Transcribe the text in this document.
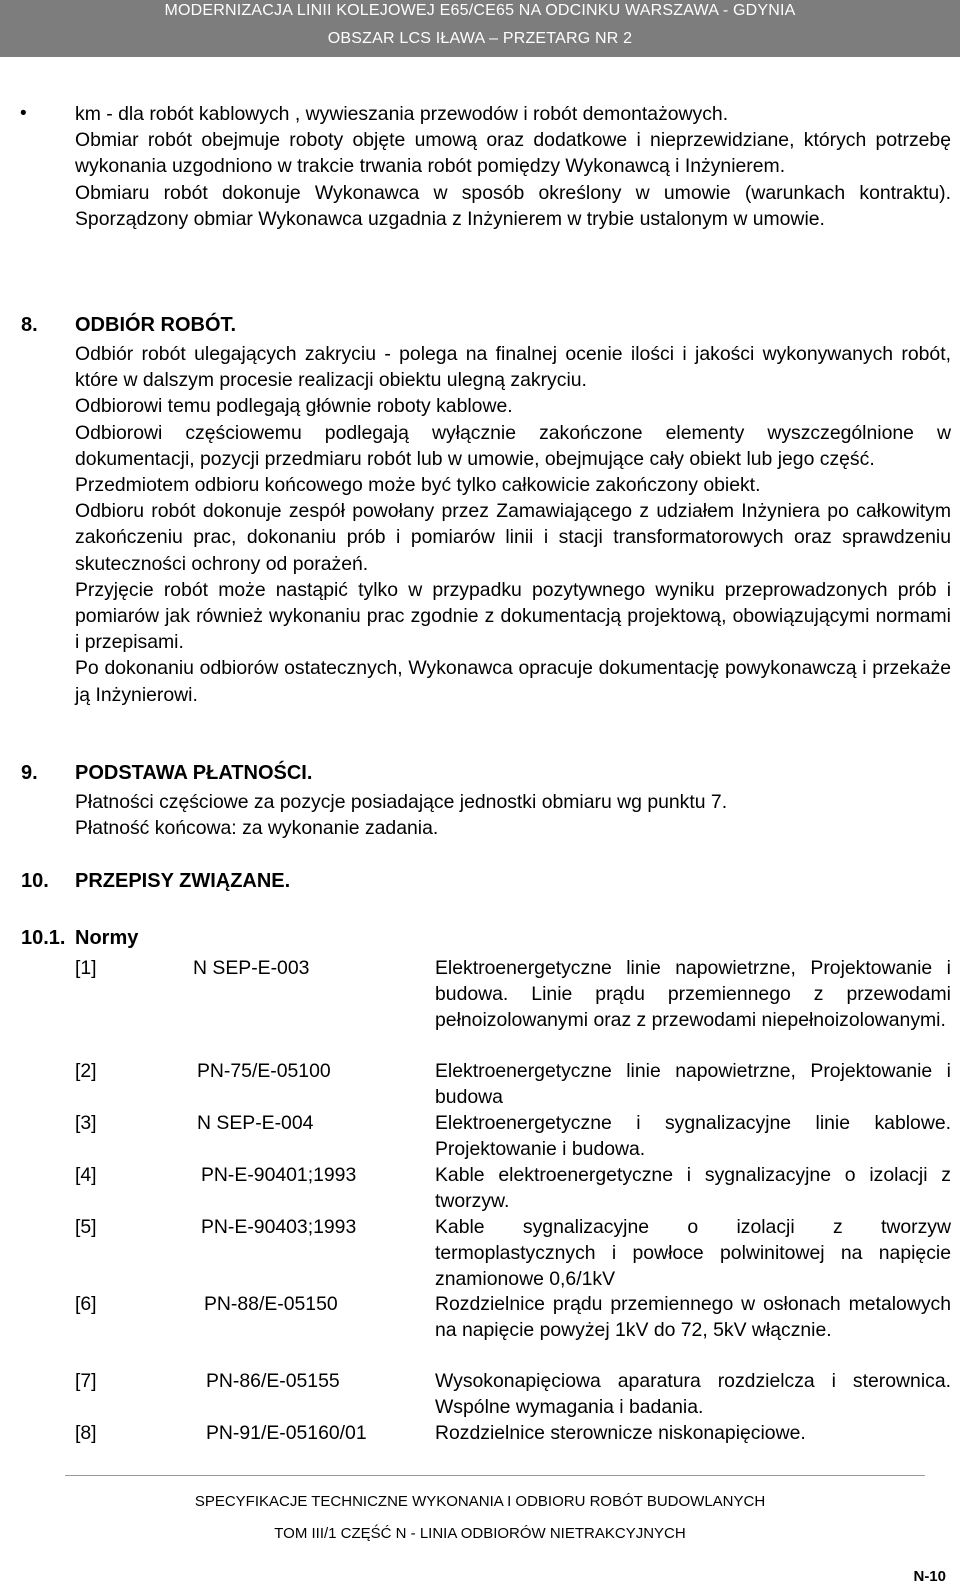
MODERNIZACJA LINII KOLEJOWEJ E65/CE65 NA ODCINKU WARSZAWA - GDYNIA
OBSZAR LCS IŁAWA – PRZETARG NR 2
• km - dla robót kablowych , wywieszania przewodów i robót demontażowych.

Obmiar robót obejmuje roboty objęte umową oraz dodatkowe i nieprzewidziane, których potrzebę wykonania uzgodniono w trakcie trwania robót pomiędzy Wykonawcą i Inżynierem.

Obmiaru robót dokonuje Wykonawca w sposób określony w umowie (warunkach kontraktu). Sporządzony obmiar Wykonawca uzgadnia z Inżynierem w trybie ustalonym w umowie.

8. ODBIÓR ROBÓT.

Odbiór robót ulegających zakryciu - polega na finalnej ocenie ilości i jakości wykonywanych robót, które w dalszym procesie realizacji obiektu ulegną zakryciu.

Odbiorowi temu podlegają głównie roboty kablowe.

Odbiorowi częściowemu podlegają wyłącznie zakończone elementy wyszczególnione w dokumentacji, pozycji przedmiaru robót lub w umowie, obejmujące cały obiekt lub jego część.

Przedmiotem odbioru końcowego może być tylko całkowicie zakończony obiekt.

Odbioru robót dokonuje zespół powołany przez Zamawiającego z udziałem Inżyniera po całkowitym zakończeniu prac, dokonaniu prób i pomiarów linii i stacji transformatorowych oraz sprawdzeniu skuteczności ochrony od porażeń.

Przyjęcie robót może nastąpić tylko w przypadku pozytywnego wyniku przeprowadzonych prób i pomiarów jak również wykonaniu prac zgodnie z dokumentacją projektową, obowiązującymi normami i przepisami.

Po dokonaniu odbiorów ostatecznych, Wykonawca opracuje dokumentację powykonawczą i przekaże ją Inżynierowi.

9. PODSTAWA PŁATNOŚCI.

Płatności częściowe za pozycje posiadające jednostki obmiaru wg punktu 7.

Płatność końcowa: za wykonanie zadania.

10. PRZEPISY ZWIĄZANE.
10.1. Normy
[1]	N SEP-E-003	Elektroenergetyczne linie napowietrzne, Projektowanie i budowa. Linie prądu przemiennego z przewodami pełnoizolowanymi oraz z przewodami niepełnoizolowanymi.
[2]	PN-75/E-05100	Elektroenergetyczne linie napowietrzne, Projektowanie i budowa
[3]	N SEP-E-004	Elektroenergetyczne i sygnalizacyjne linie kablowe. Projektowanie i budowa.
[4]	PN-E-90401;1993	Kable elektroenergetyczne i sygnalizacyjne o izolacji z tworzyw.
[5]	PN-E-90403;1993	Kable sygnalizacyjne o izolacji z tworzyw termoplastycznych i powłoce polwinitowej na napięcie znamionowe 0,6/1kV
[6]	PN-88/E-05150	Rozdzielnice prądu przemiennego w osłonach metalowych na napięcie powyżej 1kV do 72, 5kV włącznie.
[7]	PN-86/E-05155	Wysokonapięciowa aparatura rozdzielcza i sterownica. Wspólne wymagania i badania.
[8]	PN-91/E-05160/01	Rozdzielnice sterownicze niskonapięciowe.
SPECYFIKACJE TECHNICZNE WYKONANIA I ODBIORU ROBÓT BUDOWLANYCH
TOM III/1 CZĘŚĆ N - LINIA ODBIORÓW NIETRAKCYJNYCH
N-10
